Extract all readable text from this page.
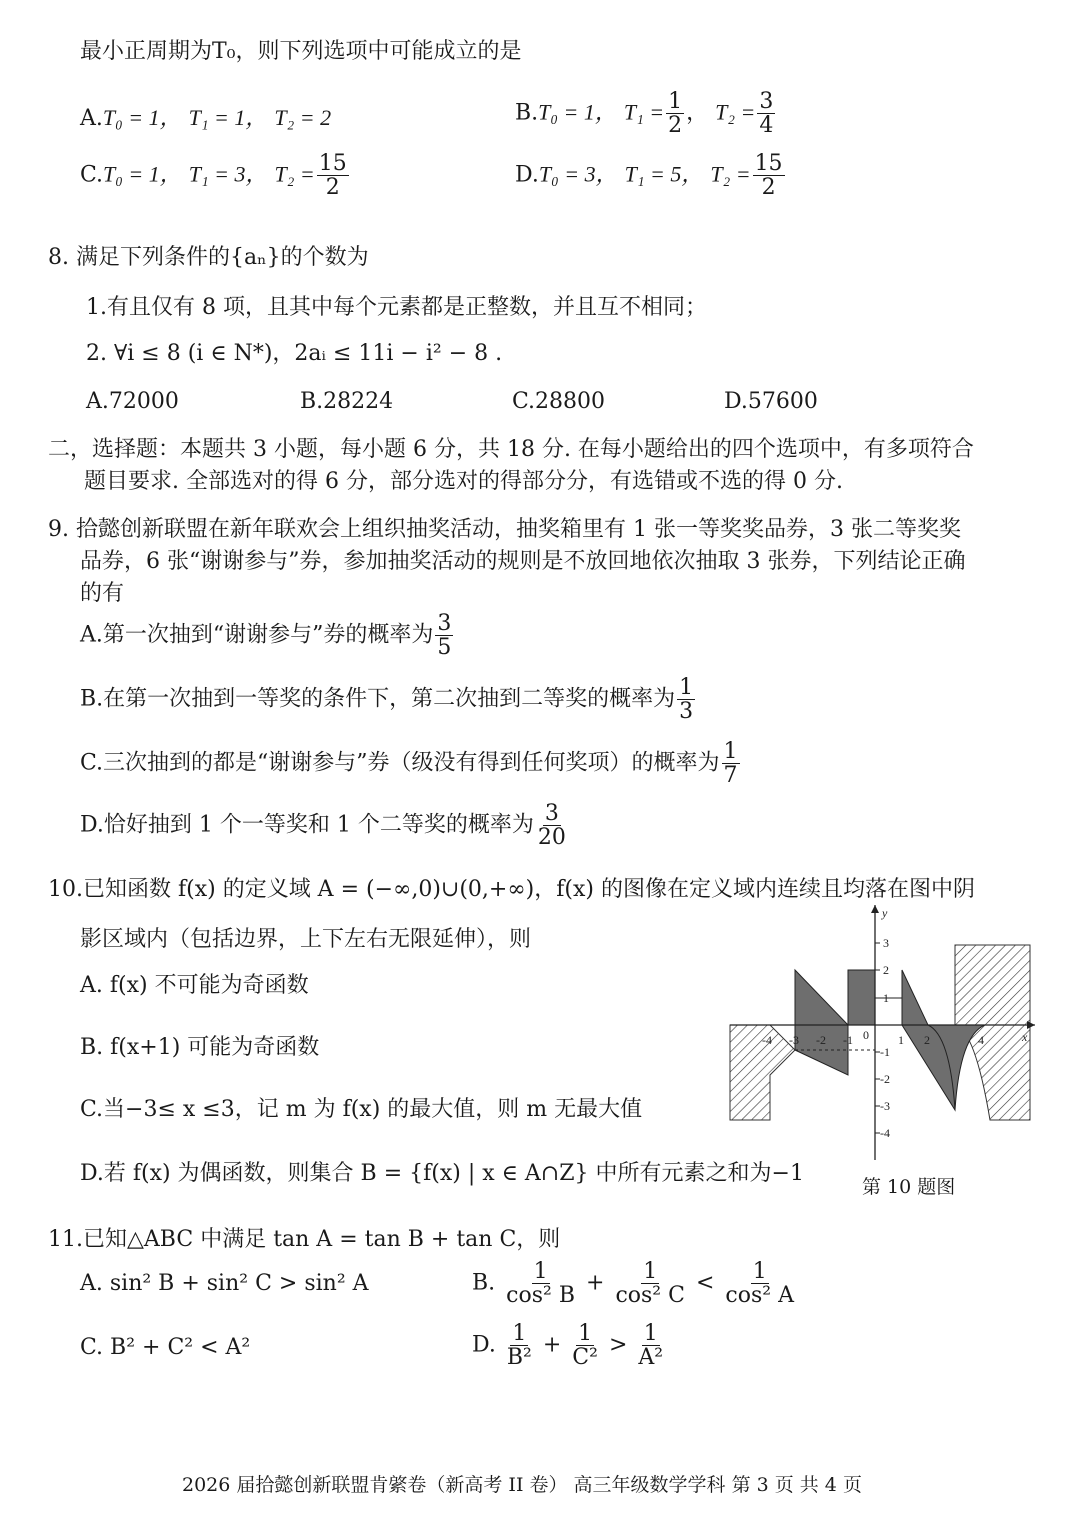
最小正周期为T₀，则下列选项中可能成立的是
A.T₀ = 1， T₁ = 1， T₂ = 2	B.T₀ = 1， $T_1 = \frac{1}{2}$ ， $T_2 = \frac{3}{4}$
C.T₀ = 1， T₁ = 3， $T_2 = \frac{15}{2}$	D.T₀ = 3， T₁ = 5， $T_2 = \frac{15}{2}$
8. 满足下列条件的{aₙ}的个数为
1.有且仅有 8 项，且其中每个元素都是正整数，并且互不相同；
2. ∀i ≤ 8 (i ∈ N*)，2aᵢ ≤ 11i − i² − 8 .
A.72000	B.28224	C.28800	D.57600
二，选择题：本题共 3 小题，每小题 6 分，共 18 分. 在每小题给出的四个选项中，有多项符合
题目要求. 全部选对的得 6 分，部分选对的得部分分，有选错或不选的得 0 分.
9. 拾懿创新联盟在新年联欢会上组织抽奖活动，抽奖箱里有 1 张一等奖奖品券，3 张二等奖奖
品券，6 张“谢谢参与”券，参加抽奖活动的规则是不放回地依次抽取 3 张券，下列结论正确
的有
A.第一次抽到“谢谢参与”券的概率为 $\frac{3}{5}$
B.在第一次抽到一等奖的条件下，第二次抽到二等奖的概率为 $\frac{1}{3}$
C.三次抽到的都是“谢谢参与”券（级没有得到任何奖项）的概率为 $\frac{1}{7}$
D.恰好抽到 1 个一等奖和 1 个二等奖的概率为 $\frac{3}{20}$
10.已知函数 f(x) 的定义域 A = (−∞,0)∪(0,+∞)，f(x) 的图像在定义域内连续且均落在图中阴
影区域内（包括边界，上下左右无限延伸），则
A. f(x) 不可能为奇函数
B. f(x+1) 可能为奇函数
C.当−3≤ x ≤3，记 m 为 f(x) 的最大值，则 m 无最大值
D.若 f(x) 为偶函数，则集合 B = {f(x) | x ∈ A∩Z} 中所有元素之和为−1
x
y
0
-4 -3 -2 -1	1 2	4
3
2
1
-1
-2
-3
-4
第 10 题图
11.已知△ABC 中满足 tan A = tan B + tan C，则
A. sin² B + sin² C > sin² A	B. $\frac{1}{\text{cos² B}} + \frac{1}{\text{cos² C}} < \frac{1}{\text{cos² A}}$
C. B² + C² < A²	D. $\frac{1}{\text{B²}} + \frac{1}{\text{C²}} > \frac{1}{\text{A²}}$
2026 届拾懿创新联盟肯綮卷（新高考 II 卷） 高三年级数学学科 第 3 页 共 4 页
